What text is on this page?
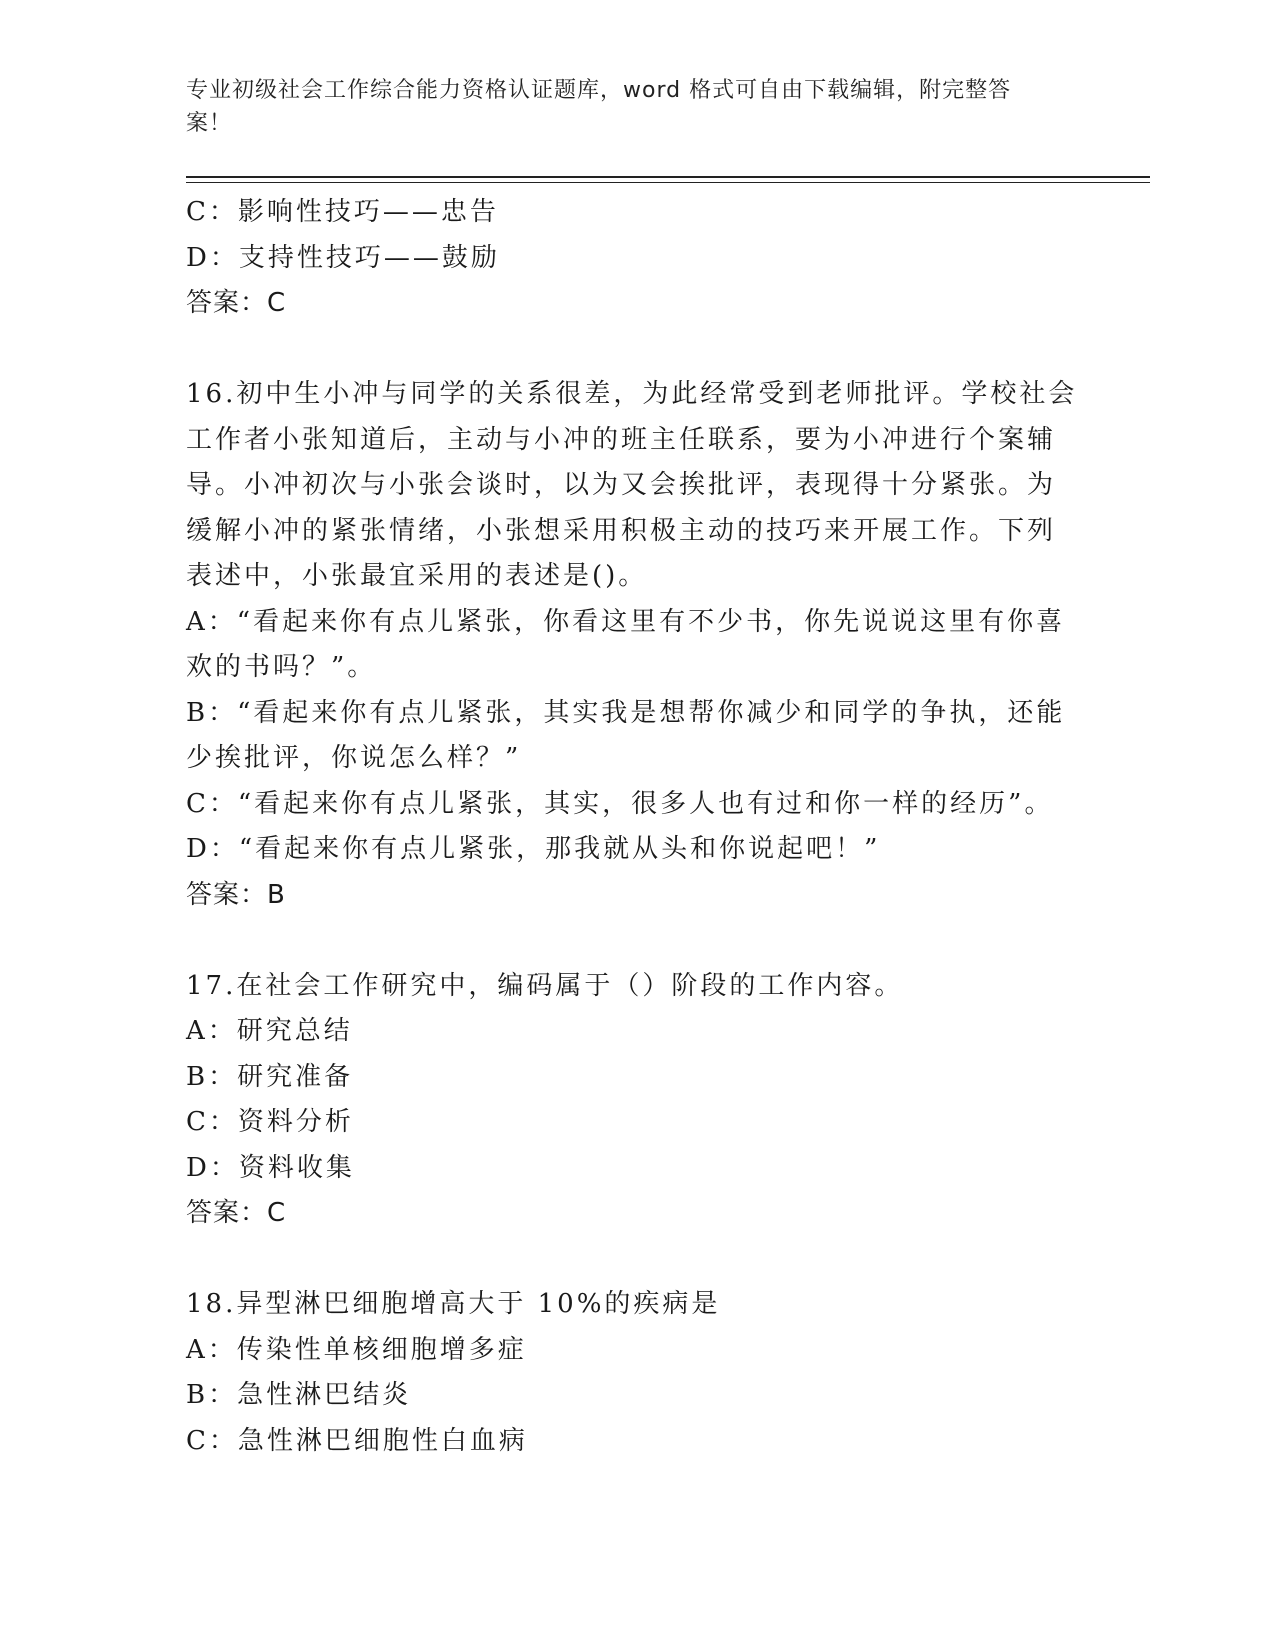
专业初级社会工作综合能力资格认证题库，word 格式可自由下载编辑，附完整答
案！
C：影响性技巧——忠告
D：支持性技巧——鼓励
答案：C
16.初中生小冲与同学的关系很差，为此经常受到老师批评。学校社会
工作者小张知道后，主动与小冲的班主任联系，要为小冲进行个案辅
导。小冲初次与小张会谈时，以为又会挨批评，表现得十分紧张。为
缓解小冲的紧张情绪，小张想采用积极主动的技巧来开展工作。下列
表述中，小张最宜采用的表述是()。
A：“看起来你有点儿紧张，你看这里有不少书，你先说说这里有你喜
欢的书吗？”。
B：“看起来你有点儿紧张，其实我是想帮你减少和同学的争执，还能
少挨批评，你说怎么样？”
C：“看起来你有点儿紧张，其实，很多人也有过和你一样的经历”。
D：“看起来你有点儿紧张，那我就从头和你说起吧！”
答案：B
17.在社会工作研究中，编码属于（）阶段的工作内容。
A：研究总结
B：研究准备
C：资料分析
D：资料收集
答案：C
18.异型淋巴细胞增高大于 10%的疾病是
A：传染性单核细胞增多症
B：急性淋巴结炎
C：急性淋巴细胞性白血病
